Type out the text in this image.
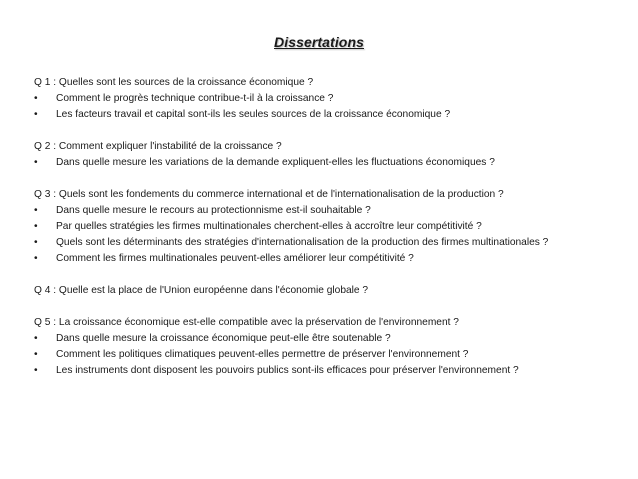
Dissertations
Q 1 : Quelles sont les sources de la croissance économique ?
•	Comment le progrès technique contribue-t-il à la croissance ?
•	Les facteurs travail et capital sont-ils les seules sources de la croissance économique ?
Q 2 : Comment expliquer l'instabilité de la croissance ?
•	Dans quelle mesure les variations de la demande expliquent-elles les fluctuations économiques ?
Q 3 : Quels sont les fondements du commerce international et de l'internationalisation de la production ?
•	Dans quelle mesure le recours au protectionnisme est-il souhaitable ?
•	Par quelles stratégies les firmes multinationales cherchent-elles à accroître leur compétitivité ?
•	Quels sont les déterminants des stratégies d'internationalisation de la production des firmes multinationales ?
•	Comment les firmes multinationales peuvent-elles améliorer leur compétitivité ?
Q 4 : Quelle est la place de l'Union européenne dans l'économie globale ?
Q 5 : La croissance économique est-elle compatible avec la préservation de l'environnement ?
•	Dans quelle mesure la croissance économique peut-elle être soutenable ?
•	Comment les politiques climatiques peuvent-elles permettre de préserver l'environnement ?
•	Les instruments dont disposent les pouvoirs publics sont-ils efficaces pour préserver l'environnement ?
